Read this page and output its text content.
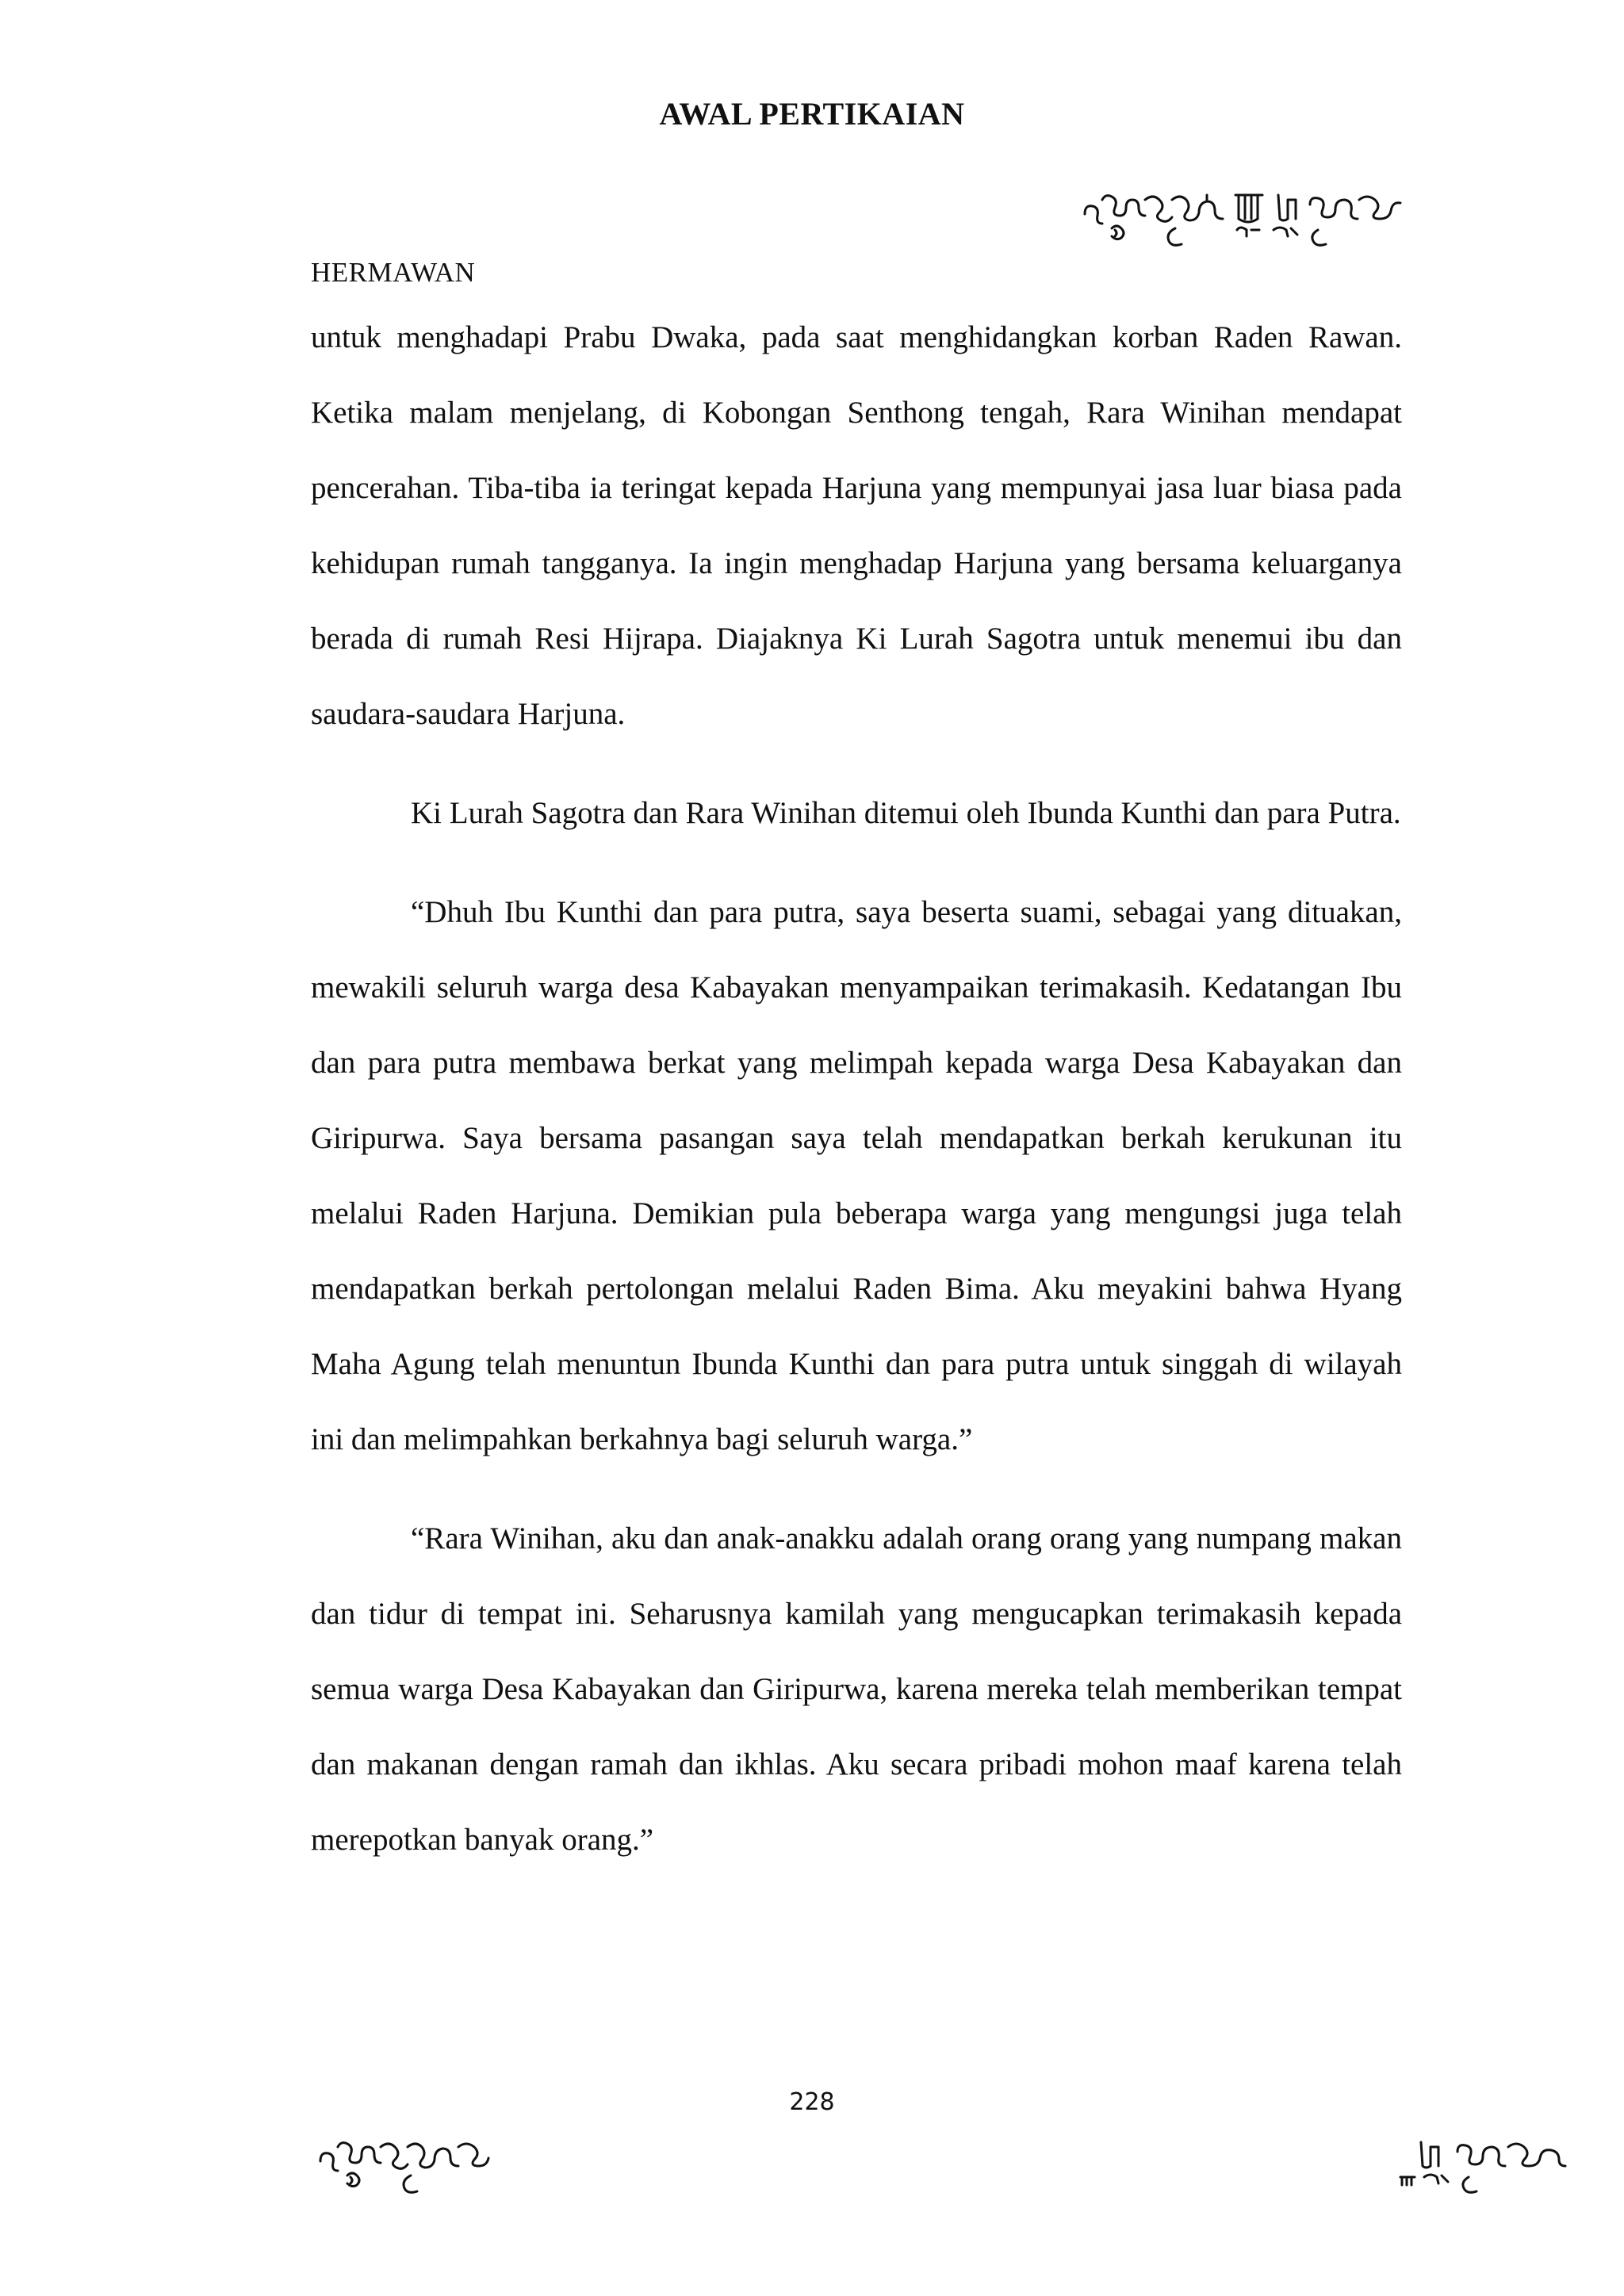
AWAL PERTIKAIAN
HERMAWAN

untuk menghadapi Prabu Dwaka, pada saat menghidangkan korban Raden Rawan. Ketika malam menjelang, di Kobongan Senthong tengah, Rara Winihan mendapat pencerahan. Tiba-tiba ia teringat kepada Harjuna yang mempunyai jasa luar biasa pada kehidupan rumah tangganya. Ia ingin menghadap Harjuna yang bersama keluarganya berada di rumah Resi Hijrapa. Diajaknya Ki Lurah Sagotra untuk menemui ibu dan saudara-saudara Harjuna.

Ki Lurah Sagotra dan Rara Winihan ditemui oleh Ibunda Kunthi dan para Putra.

“Dhuh Ibu Kunthi dan para putra, saya beserta suami, sebagai yang dituakan, mewakili seluruh warga desa Kabayakan menyampaikan terimakasih. Kedatangan Ibu dan para putra membawa berkat yang melimpah kepada warga Desa Kabayakan dan Giripurwa. Saya bersama pasangan saya telah mendapatkan berkah kerukunan itu melalui Raden Harjuna. Demikian pula beberapa warga yang mengungsi juga telah mendapatkan berkah pertolongan melalui Raden Bima. Aku meyakini bahwa Hyang Maha Agung telah menuntun Ibunda Kunthi dan para putra untuk singgah di wilayah ini dan melimpahkan berkahnya bagi seluruh warga.”

“Rara Winihan, aku dan anak-anakku adalah orang orang yang numpang makan dan tidur di tempat ini. Seharusnya kamilah yang mengucapkan terimakasih kepada semua warga Desa Kabayakan dan Giripurwa, karena mereka telah memberikan tempat dan makanan dengan ramah dan ikhlas. Aku secara pribadi mohon maaf karena telah merepotkan banyak orang.”

228
